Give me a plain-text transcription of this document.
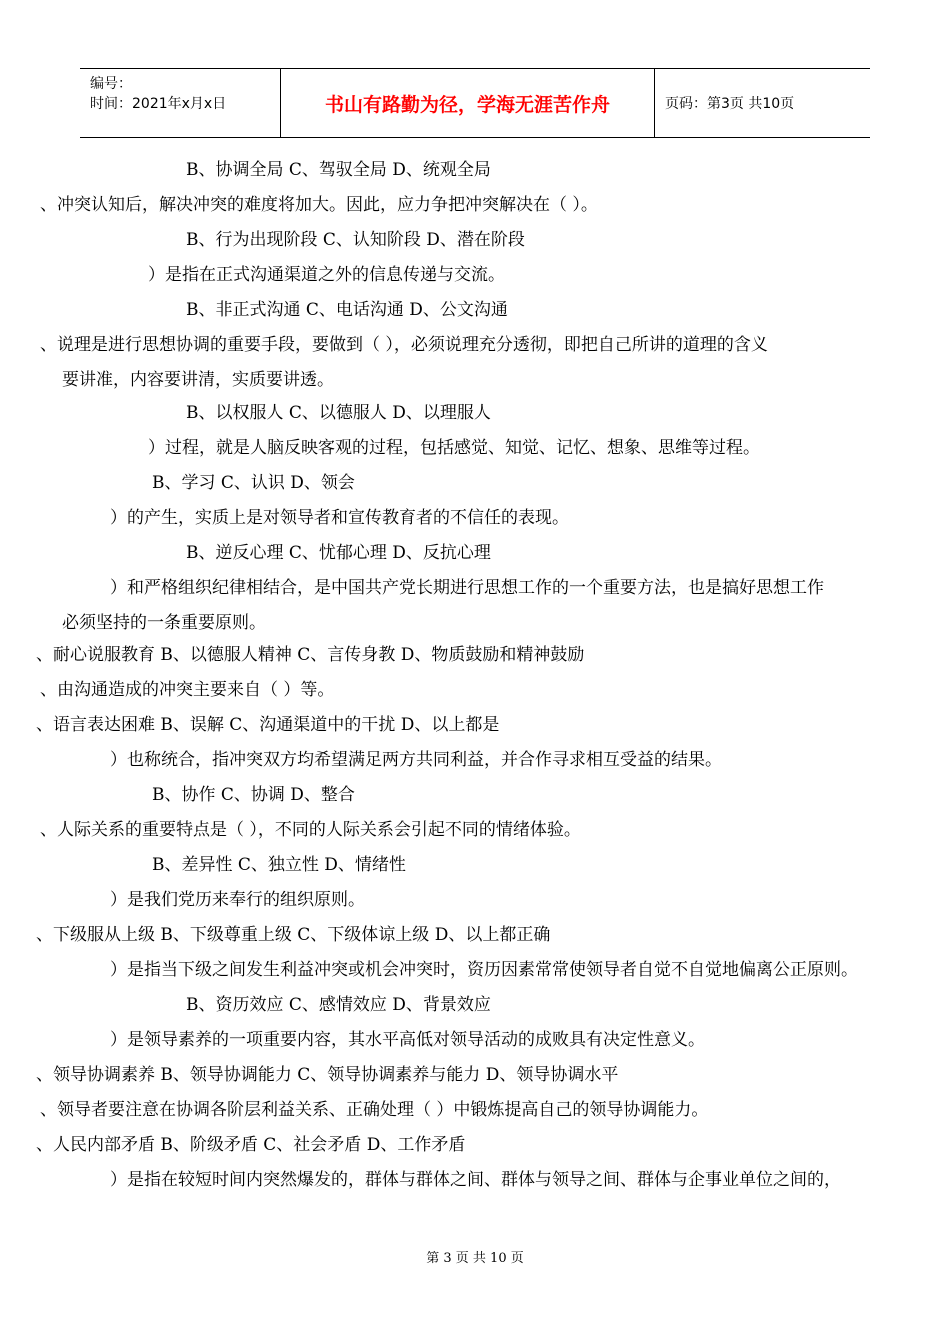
编号：
时间：2021年x月x日	书山有路勤为径，学海无涯苦作舟	页码：第3页 共10页
B、协调全局 C、驾驭全局 D、统观全局
、冲突认知后，解决冲突的难度将加大。因此，应力争把冲突解决在（ ）。
B、行为出现阶段 C、认知阶段 D、潜在阶段
）是指在正式沟通渠道之外的信息传递与交流。
B、非正式沟通 C、电话沟通 D、公文沟通
、说理是进行思想协调的重要手段，要做到（ ），必须说理充分透彻，即把自己所讲的道理的含义
要讲准，内容要讲清，实质要讲透。
B、以权服人 C、以德服人 D、以理服人
）过程，就是人脑反映客观的过程，包括感觉、知觉、记忆、想象、思维等过程。
B、学习 C、认识 D、领会
）的产生，实质上是对领导者和宣传教育者的不信任的表现。
B、逆反心理 C、忧郁心理 D、反抗心理
）和严格组织纪律相结合，是中国共产党长期进行思想工作的一个重要方法，也是搞好思想工作
必须坚持的一条重要原则。
、耐心说服教育 B、以德服人精神 C、言传身教 D、物质鼓励和精神鼓励
、由沟通造成的冲突主要来自（ ）等。
、语言表达困难 B、误解 C、沟通渠道中的干扰 D、以上都是
）也称统合，指冲突双方均希望满足两方共同利益，并合作寻求相互受益的结果。
B、协作 C、协调 D、整合
、人际关系的重要特点是（ ），不同的人际关系会引起不同的情绪体验。
B、差异性 C、独立性 D、情绪性
）是我们党历来奉行的组织原则。
、下级服从上级 B、下级尊重上级 C、下级体谅上级 D、以上都正确
）是指当下级之间发生利益冲突或机会冲突时，资历因素常常使领导者自觉不自觉地偏离公正原则。
B、资历效应 C、感情效应 D、背景效应
）是领导素养的一项重要内容，其水平高低对领导活动的成败具有决定性意义。
、领导协调素养 B、领导协调能力 C、领导协调素养与能力 D、领导协调水平
、领导者要注意在协调各阶层利益关系、正确处理（ ）中锻炼提高自己的领导协调能力。
、人民内部矛盾 B、阶级矛盾 C、社会矛盾 D、工作矛盾
）是指在较短时间内突然爆发的，群体与群体之间、群体与领导之间、群体与企事业单位之间的，
第 3 页 共 10 页
